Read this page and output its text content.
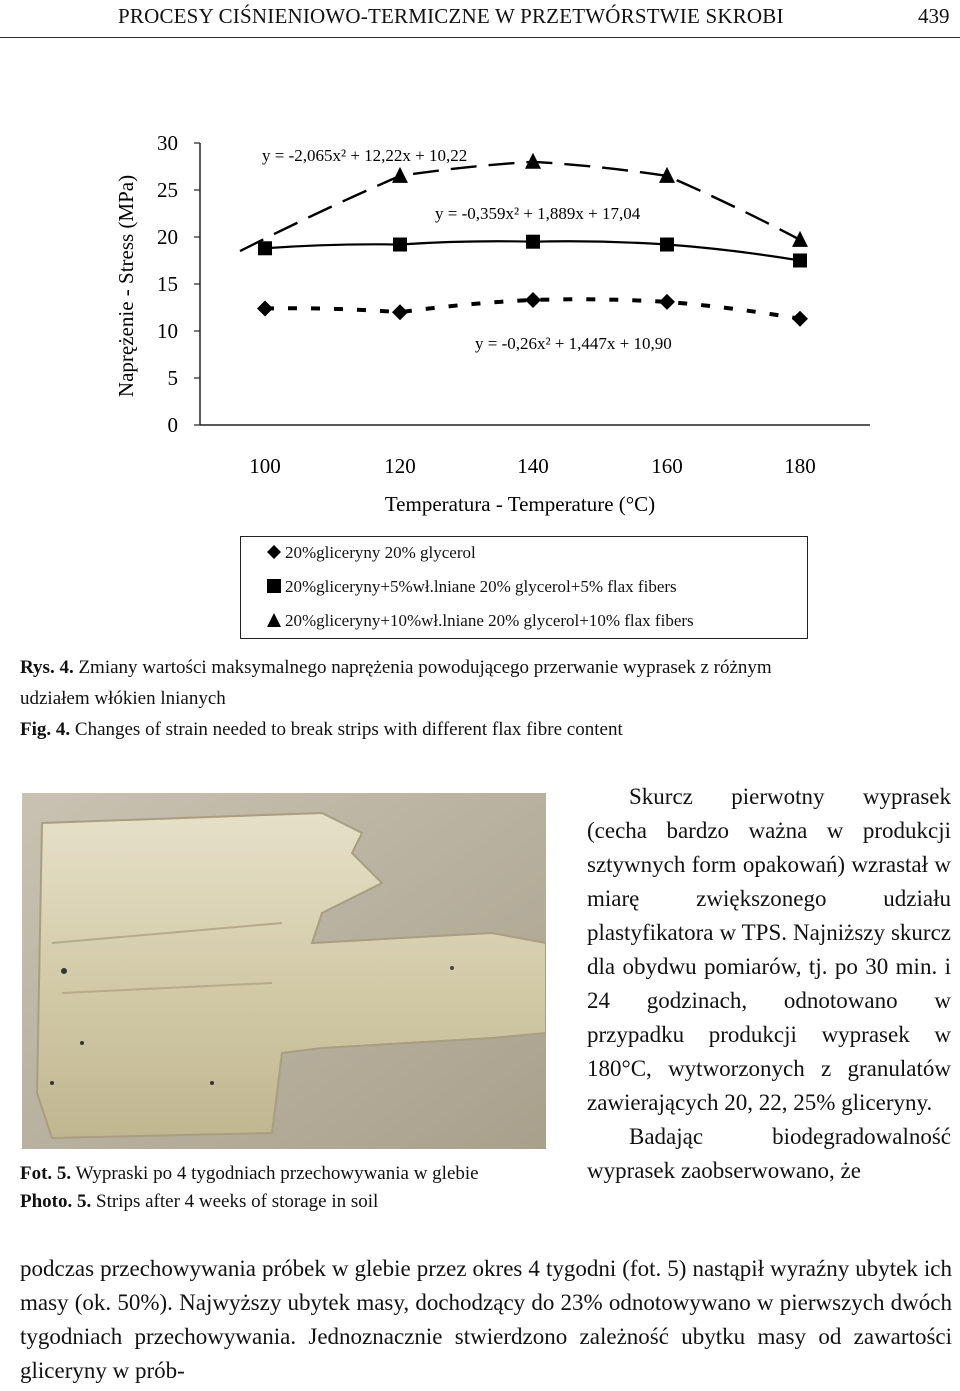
PROCESY CIŚNIENIOWO-TERMICZNE W PRZETWÓRSTWIE SKROBI	439
0
5
10
15
20
25
30
100	120	140	160	180
Temperatura - Temperature (°C)
Naprężenie - Stress (MPa)	y = -0,26x² + 1,447x + 10,90
y = -0,359x² + 1,889x + 17,04
y = -2,065x² + 12,22x + 10,22
20%gliceryny 20% glycerol
20%gliceryny+5%wł.lniane 20% glycerol+5% flax fibers
20%gliceryny+10%wł.lniane 20% glycerol+10% flax fibers
Rys. 4. Zmiany wartości maksymalnego naprężenia powodującego przerwanie wyprasek z różnym
udziałem włókien lnianych
Fig. 4. Changes of strain needed to break strips with different flax fibre content
Fot. 5. Wypraski po 4 tygodniach przechowywania w glebie
Photo. 5. Strips after 4 weeks of storage in soil

Skurcz pierwotny wyprasek (cecha bardzo ważna w produkcji sztywnych form opakowań) wzrastał w miarę zwiększonego udziału plastyfikatora w TPS. Najniższy skurcz dla obydwu pomiarów, tj. po 30 min. i 24 godzinach, odnotowano w przypadku produkcji wyprasek w 180°C, wytworzonych z granulatów zawierających 20, 22, 25% gliceryny.

Badając biodegradowalność wyprasek zaobserwowano, że

podczas przechowywania próbek w glebie przez okres 4 tygodni (fot. 5) nastąpił wyraźny ubytek ich masy (ok. 50%). Najwyższy ubytek masy, dochodzący do 23% odnotowywano w pierwszych dwóch tygodniach przechowywania. Jednoznacznie stwierdzono zależność ubytku masy od zawartości gliceryny w prób-
